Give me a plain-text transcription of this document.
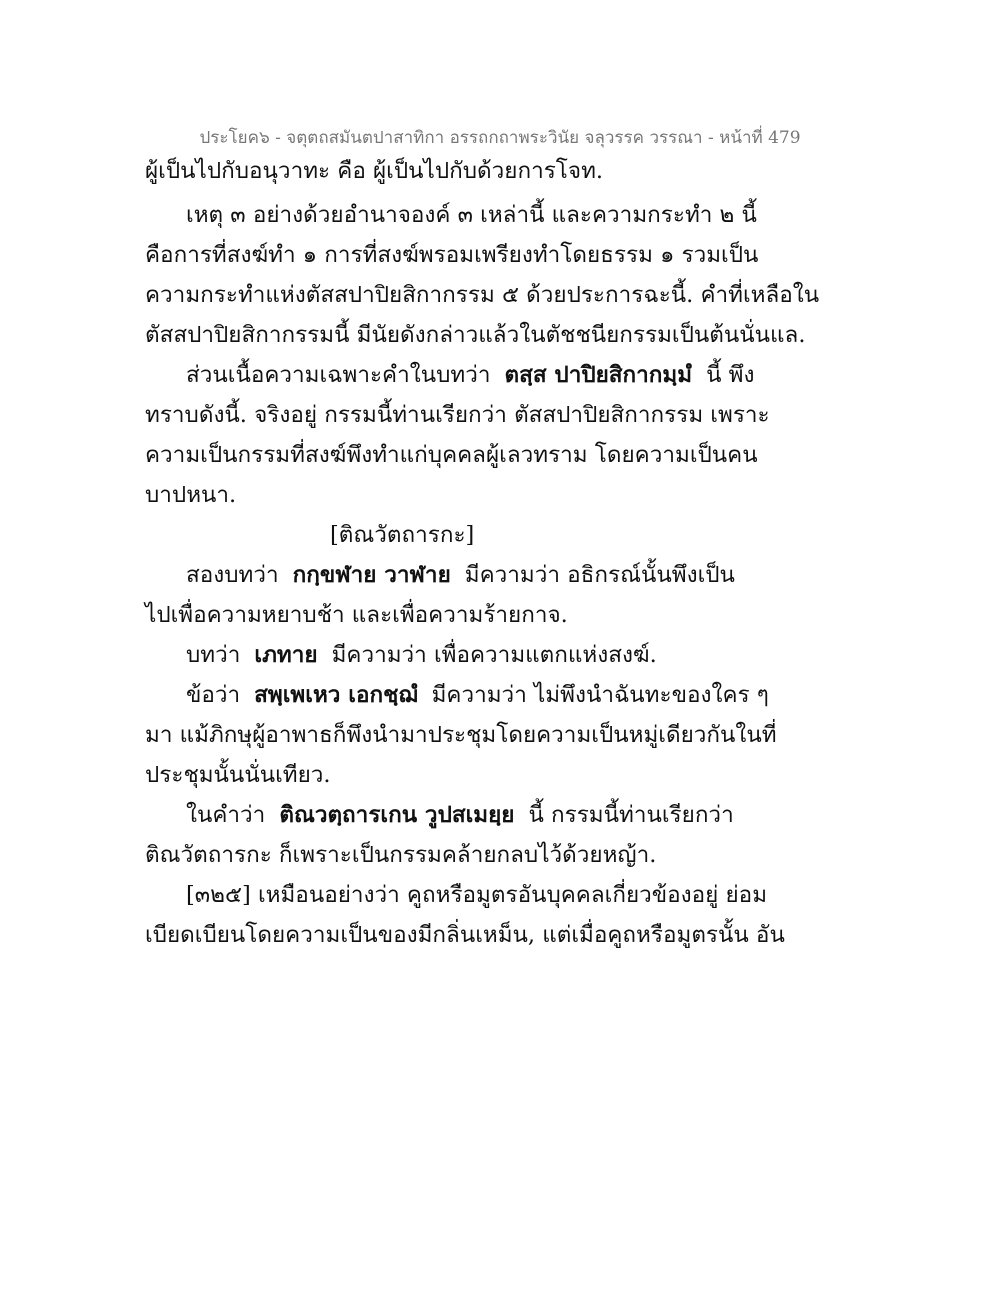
ประโยค๖ - จตุตถสมันตปาสาทิกา อรรถกถาพระวินัย จลุวรรค วรรณา - หน้าที่ 479
ผู้เป็นไปกับอนุวาทะ คือ ผู้เป็นไปกับด้วยการโจท.
เหตุ ๓ อย่างด้วยอำนาจองค์ ๓ เหล่านี้ และความกระทำ ๒ นี้
คือการที่สงฆ์ทำ ๑ การที่สงฆ์พรอมเพรียงทำโดยธรรม ๑ รวมเป็น
ความกระทำแห่งตัสสปาปิยสิกากรรม ๕ ด้วยประการฉะนี้. คำที่เหลือใน
ตัสสปาปิยสิกากรรมนี้ มีนัยดังกล่าวแล้วในตัชชนียกรรมเป็นต้นนั่นแล.
ส่วนเนื้อความเฉพาะคำในบทว่า ตสฺส ปาปิยสิกากมฺมํ นี้ พึง
ทราบดังนี้. จริงอยู่ กรรมนี้ท่านเรียกว่า ตัสสปาปิยสิกากรรม เพราะ
ความเป็นกรรมที่สงฆ์พึงทำแก่บุคคลผู้เลวทราม โดยความเป็นคน
บาปหนา.
[ติณวัตถารกะ]
สองบทว่า กกฺขฬาย วาฬาย มีความว่า อธิกรณ์นั้นพึงเป็น
ไปเพื่อความหยาบช้า และเพื่อความร้ายกาจ.
บทว่า เภทาย มีความว่า เพื่อความแตกแห่งสงฆ์.
ข้อว่า สพฺเพเหว เอกชฺฌํ มีความว่า ไม่พึงนำฉันทะของใคร ๆ
มา แม้ภิกษุผู้อาพาธก็พึงนำมาประชุมโดยความเป็นหมู่เดียวกันในที่
ประชุมนั้นนั่นเทียว.
ในคำว่า ติณวตฺถารเกน วูปสเมยฺย นี้ กรรมนี้ท่านเรียกว่า
ติณวัตถารกะ ก็เพราะเป็นกรรมคล้ายกลบไว้ด้วยหญ้า.
[๓๒๕] เหมือนอย่างว่า คูถหรือมูตรอันบุคคลเกี่ยวข้องอยู่ ย่อม
เบียดเบียนโดยความเป็นของมีกลิ่นเหม็น, แต่เมื่อคูถหรือมูตรนั้น อัน
